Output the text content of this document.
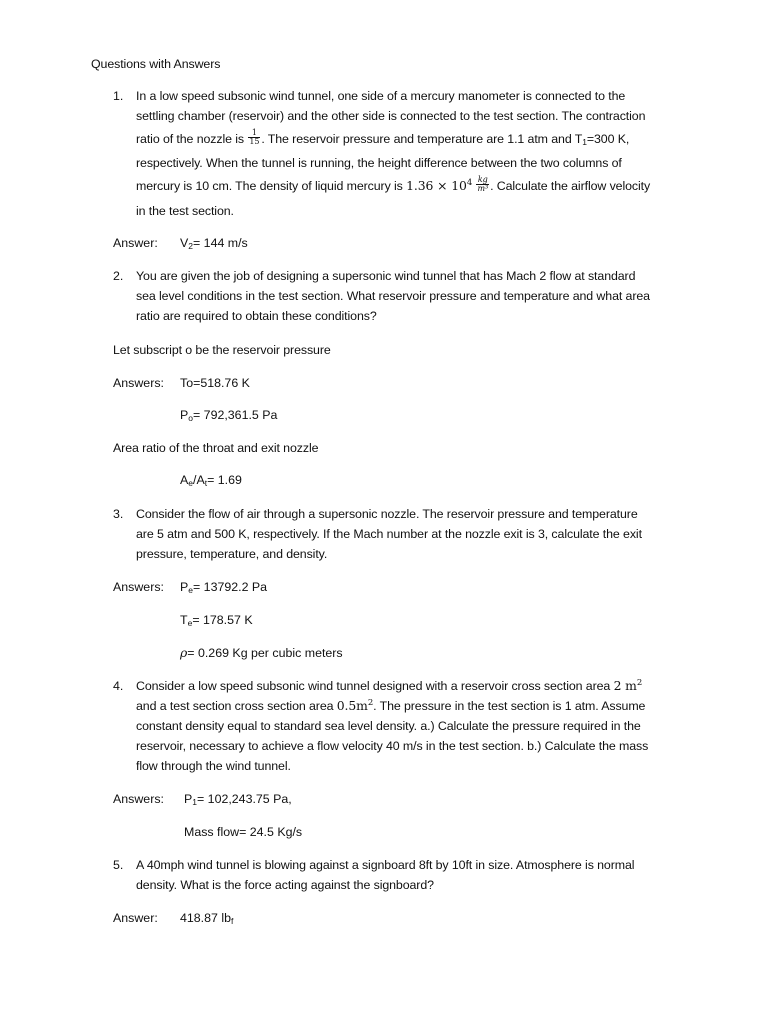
Questions with Answers
1. In a low speed subsonic wind tunnel, one side of a mercury manometer is connected to the
settling chamber (reservoir) and the other side is connected to the test section. The contraction
ratio of the nozzle is $\frac{1}{15}$ . The reservoir pressure and temperature are 1.1 atm and $T_1=300$ K,
respectively. When the tunnel is running, the height difference between the two columns of
mercury is 10 cm. The density of liquid mercury is $1.36 \times 10^4 \frac{kg}{\text{m³}}$ . Calculate the airflow velocity
in the test section.
Answer: $V_2= 144$ m/s
2. You are given the job of designing a supersonic wind tunnel that has Mach 2 flow at standard
sea level conditions in the test section. What reservoir pressure and temperature and what area
ratio are required to obtain these conditions?
Let subscript o be the reservoir pressure
Answers: To=518.76 K
$P_o= 792,361.5$ Pa
Area ratio of the throat and exit nozzle
$A_e/A_t= 1.69$
3. Consider the flow of air through a supersonic nozzle. The reservoir pressure and temperature
are 5 atm and 500 K, respectively. If the Mach number at the nozzle exit is 3, calculate the exit
pressure, temperature, and density.
Answers: $P_e= 13792.2$ Pa
$T_e= 178.57$ K
ρ= 0.269 Kg per cubic meters
4. Consider a low speed subsonic wind tunnel designed with a reservoir cross section area 2 $m^2$
and a test section cross section area $0.5m^2$. The pressure in the test section is 1 atm. Assume
constant density equal to standard sea level density. a.) Calculate the pressure required in the
reservoir, necessary to achieve a flow velocity 40 m/s in the test section. b.) Calculate the mass
flow through the wind tunnel.
Answers: $P_1= 102,243.75$ Pa,
Mass flow= 24.5 Kg/s
5. A 40mph wind tunnel is blowing against a signboard 8ft by 10ft in size. Atmosphere is normal
density. What is the force acting against the signboard?
Answer: 418.87 $lb_f$
